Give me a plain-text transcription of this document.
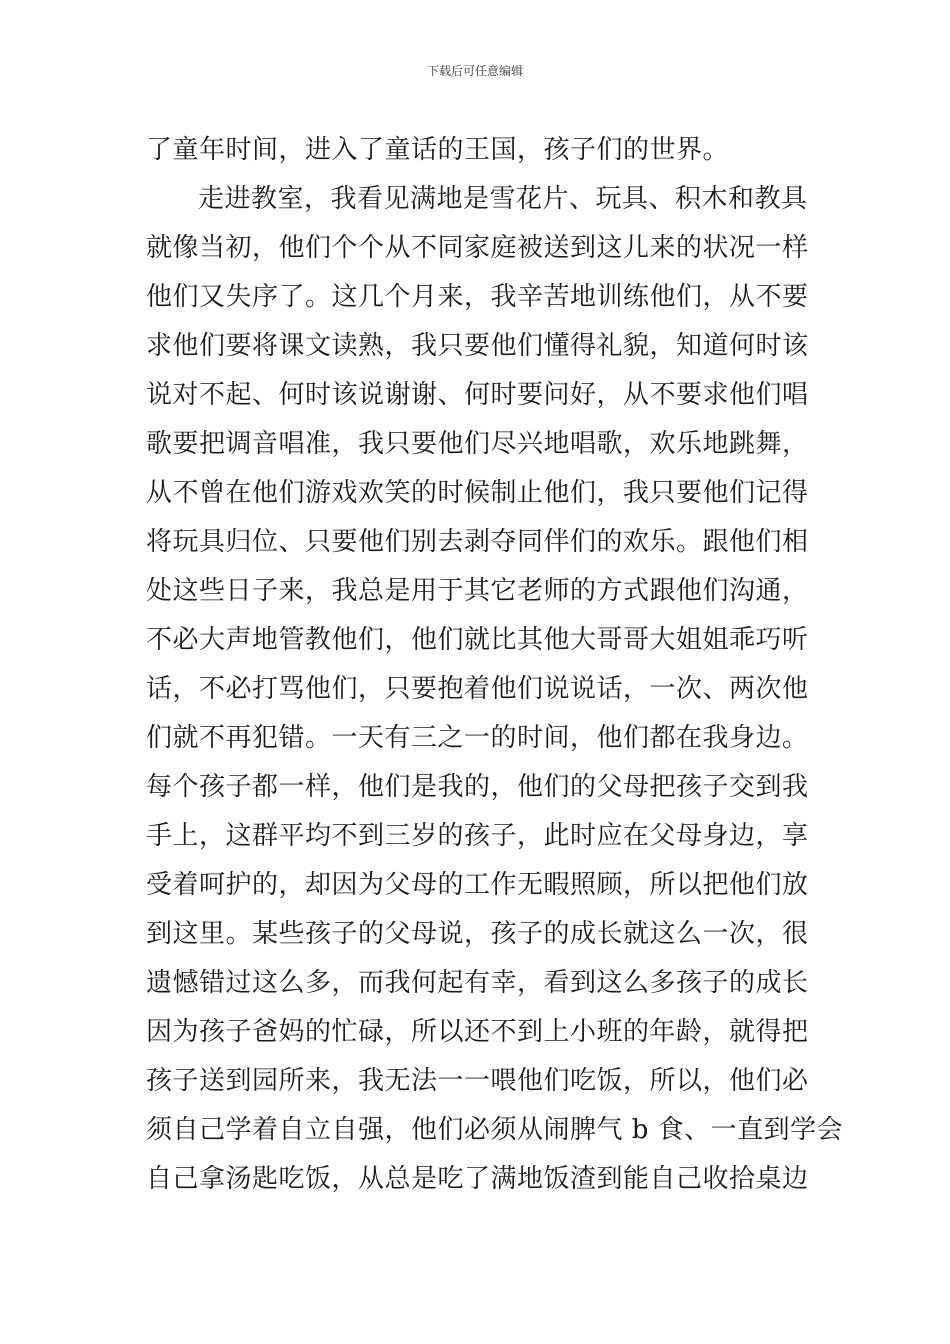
下载后可任意编辑
了童年时间，进入了童话的王国，孩子们的世界。
走进教室，我看见满地是雪花片、玩具、积木和教具
就像当初，他们个个从不同家庭被送到这儿来的状况一样
他们又失序了。这几个月来，我辛苦地训练他们，从不要
求他们要将课文读熟，我只要他们懂得礼貌，知道何时该
说对不起、何时该说谢谢、何时要问好，从不要求他们唱
歌要把调音唱准，我只要他们尽兴地唱歌，欢乐地跳舞，
从不曾在他们游戏欢笑的时候制止他们，我只要他们记得
将玩具归位、只要他们别去剥夺同伴们的欢乐。跟他们相
处这些日子来，我总是用于其它老师的方式跟他们沟通，
不必大声地管教他们，他们就比其他大哥哥大姐姐乖巧听
话，不必打骂他们，只要抱着他们说说话，一次、两次他
们就不再犯错。一天有三之一的时间，他们都在我身边。
每个孩子都一样，他们是我的，他们的父母把孩子交到我
手上，这群平均不到三岁的孩子，此时应在父母身边，享
受着呵护的，却因为父母的工作无暇照顾，所以把他们放
到这里。某些孩子的父母说，孩子的成长就这么一次，很
遗憾错过这么多，而我何起有幸，看到这么多孩子的成长
因为孩子爸妈的忙碌，所以还不到上小班的年龄，就得把
孩子送到园所来，我无法一一喂他们吃饭，所以，他们必
须自己学着自立自强，他们必须从闹脾气 b 食、一直到学会
自己拿汤匙吃饭，从总是吃了满地饭渣到能自己收拾桌边
